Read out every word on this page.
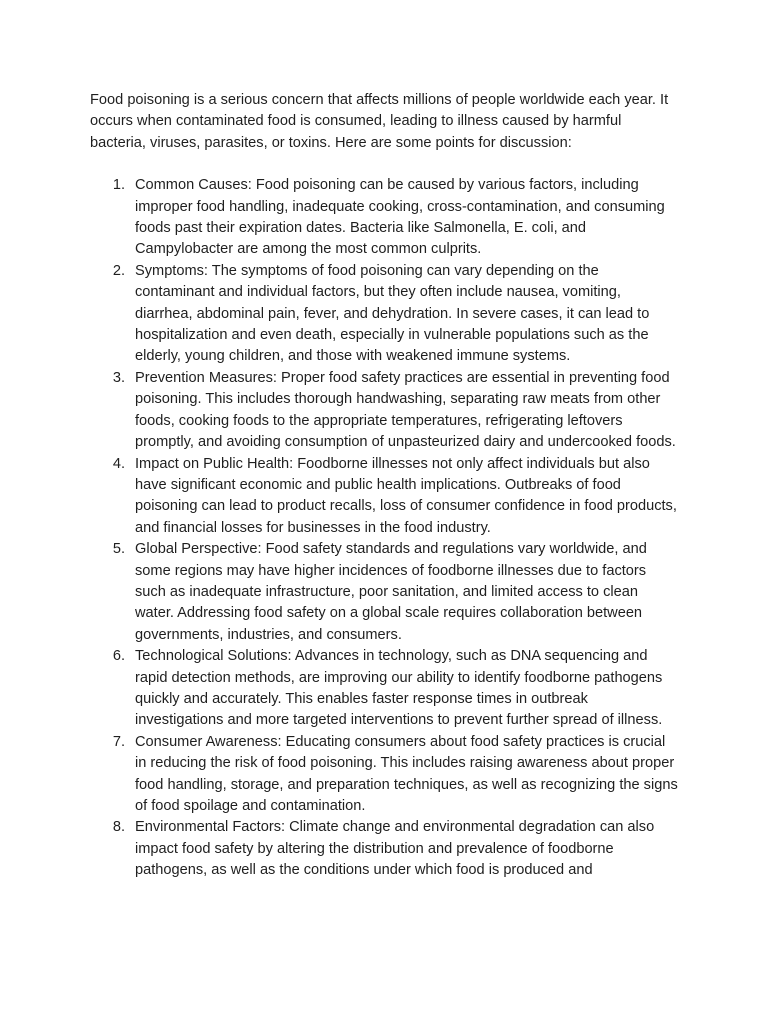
Food poisoning is a serious concern that affects millions of people worldwide each year. It occurs when contaminated food is consumed, leading to illness caused by harmful bacteria, viruses, parasites, or toxins. Here are some points for discussion:

1. Common Causes: Food poisoning can be caused by various factors, including improper food handling, inadequate cooking, cross-contamination, and consuming foods past their expiration dates. Bacteria like Salmonella, E. coli, and Campylobacter are among the most common culprits.
2. Symptoms: The symptoms of food poisoning can vary depending on the contaminant and individual factors, but they often include nausea, vomiting, diarrhea, abdominal pain, fever, and dehydration. In severe cases, it can lead to hospitalization and even death, especially in vulnerable populations such as the elderly, young children, and those with weakened immune systems.
3. Prevention Measures: Proper food safety practices are essential in preventing food poisoning. This includes thorough handwashing, separating raw meats from other foods, cooking foods to the appropriate temperatures, refrigerating leftovers promptly, and avoiding consumption of unpasteurized dairy and undercooked foods.
4. Impact on Public Health: Foodborne illnesses not only affect individuals but also have significant economic and public health implications. Outbreaks of food poisoning can lead to product recalls, loss of consumer confidence in food products, and financial losses for businesses in the food industry.
5. Global Perspective: Food safety standards and regulations vary worldwide, and some regions may have higher incidences of foodborne illnesses due to factors such as inadequate infrastructure, poor sanitation, and limited access to clean water. Addressing food safety on a global scale requires collaboration between governments, industries, and consumers.
6. Technological Solutions: Advances in technology, such as DNA sequencing and rapid detection methods, are improving our ability to identify foodborne pathogens quickly and accurately. This enables faster response times in outbreak investigations and more targeted interventions to prevent further spread of illness.
7. Consumer Awareness: Educating consumers about food safety practices is crucial in reducing the risk of food poisoning. This includes raising awareness about proper food handling, storage, and preparation techniques, as well as recognizing the signs of food spoilage and contamination.
8. Environmental Factors: Climate change and environmental degradation can also impact food safety by altering the distribution and prevalence of foodborne pathogens, as well as the conditions under which food is produced and
